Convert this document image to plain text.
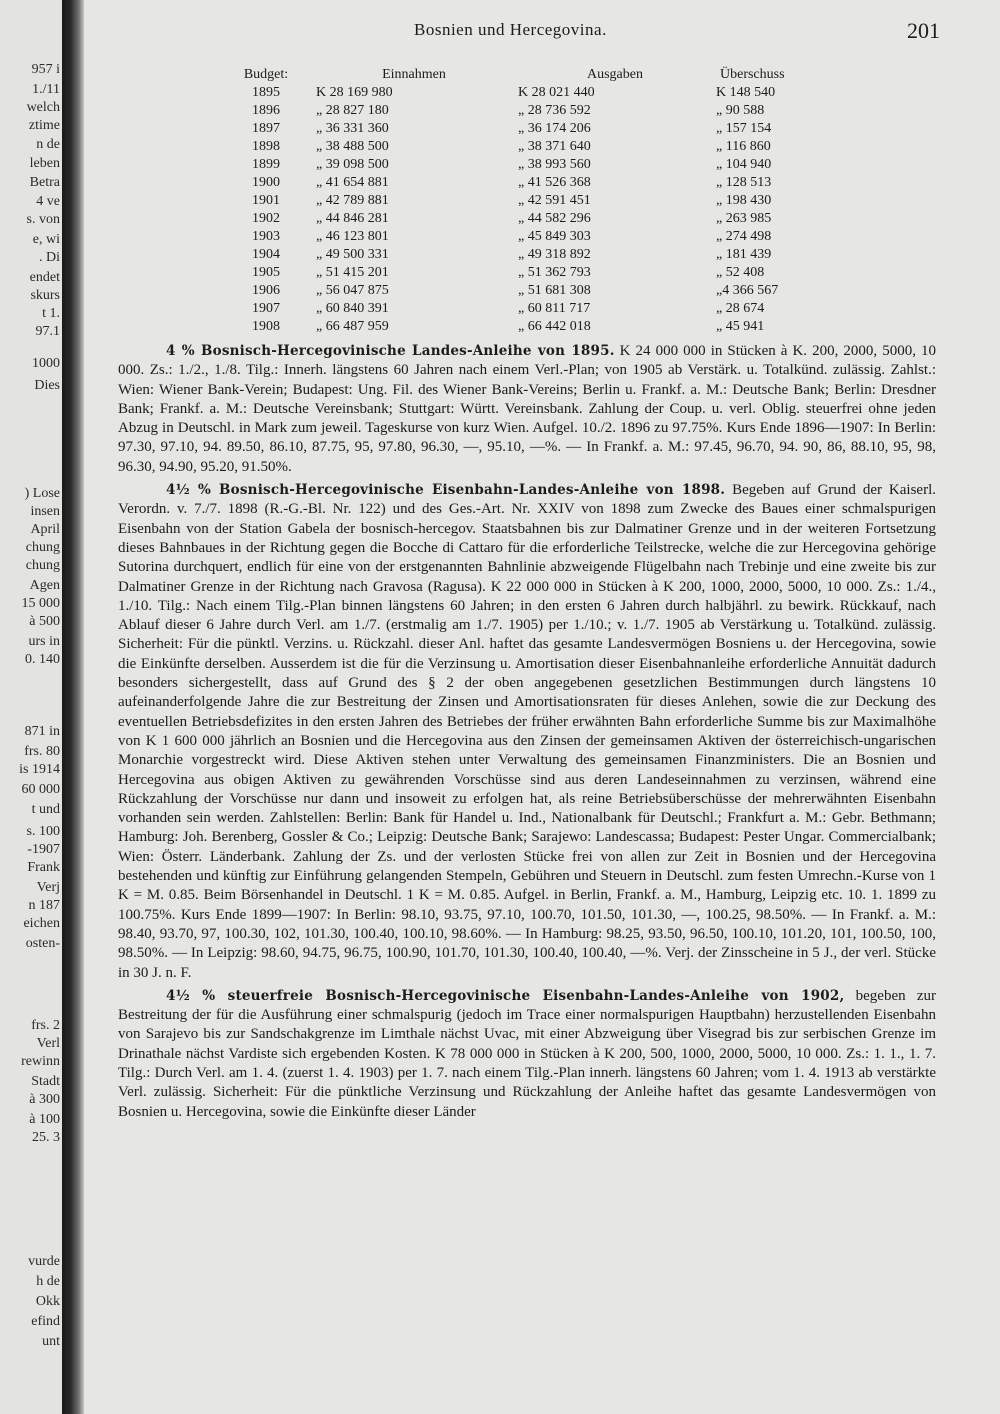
957 i
1./11
welch
ztime
n de
leben
Betra
4 ve
s. von
e, wi
. Di
endet
skurs
t 1.
97.1
1000
Dies
) Lose
insen
April
chung
chung
Agen
15 000
à 500
urs in
0. 140
871 in
frs. 80
is 1914
60 000
t und
s. 100
-1907
Frank
Verj
n 187
eichen
osten-
frs. 2
Verl
rewinn
Stadt
à 300
à 100
25. 3
vurde
h de
Okk
efind
unt
Bosnien und Hercegovina.	201
Budget:	Einnahmen	Ausgaben	Überschuss
1895	K 28 169 980	K 28 021 440	K 148 540
1896	„ 28 827 180	„ 28 736 592	„ 90 588
1897	„ 36 331 360	„ 36 174 206	„ 157 154
1898	„ 38 488 500	„ 38 371 640	„ 116 860
1899	„ 39 098 500	„ 38 993 560	„ 104 940
1900	„ 41 654 881	„ 41 526 368	„ 128 513
1901	„ 42 789 881	„ 42 591 451	„ 198 430
1902	„ 44 846 281	„ 44 582 296	„ 263 985
1903	„ 46 123 801	„ 45 849 303	„ 274 498
1904	„ 49 500 331	„ 49 318 892	„ 181 439
1905	„ 51 415 201	„ 51 362 793	„ 52 408
1906	„ 56 047 875	„ 51 681 308	„4 366 567
1907	„ 60 840 391	„ 60 811 717	„ 28 674
1908	„ 66 487 959	„ 66 442 018	„ 45 941

4 % Bosnisch-Hercegovinische Landes-Anleihe von 1895. K 24 000 000 in Stücken à K. 200, 2000, 5000, 10 000. Zs.: 1./2., 1./8. Tilg.: Innerh. längstens 60 Jahren nach einem Verl.-Plan; von 1905 ab Verstärk. u. Totalkünd. zulässig. Zahlst.: Wien: Wiener Bank-Verein; Budapest: Ung. Fil. des Wiener Bank-Vereins; Berlin u. Frankf. a. M.: Deutsche Bank; Berlin: Dresdner Bank; Frankf. a. M.: Deutsche Vereinsbank; Stuttgart: Württ. Vereinsbank. Zahlung der Coup. u. verl. Oblig. steuerfrei ohne jeden Abzug in Deutschl. in Mark zum jeweil. Tageskurse von kurz Wien. Aufgel. 10./2. 1896 zu 97.75%. Kurs Ende 1896—1907: In Berlin: 97.30, 97.10, 94. 89.50, 86.10, 87.75, 95, 97.80, 96.30, —, 95.10, —%. — In Frankf. a. M.: 97.45, 96.70, 94. 90, 86, 88.10, 95, 98, 96.30, 94.90, 95.20, 91.50%.

4½ % Bosnisch-Hercegovinische Eisenbahn-Landes-Anleihe von 1898. Begeben auf Grund der Kaiserl. Verordn. v. 7./7. 1898 (R.-G.-Bl. Nr. 122) und des Ges.-Art. Nr. XXIV von 1898 zum Zwecke des Baues einer schmalspurigen Eisenbahn von der Station Gabela der bosnisch-hercegov. Staatsbahnen bis zur Dalmatiner Grenze und in der weiteren Fortsetzung dieses Bahnbaues in der Richtung gegen die Bocche di Cattaro für die erforderliche Teilstrecke, welche die zur Hercegovina gehörige Sutorina durchquert, endlich für eine von der erstgenannten Bahnlinie abzweigende Flügelbahn nach Trebinje und eine zweite bis zur Dalmatiner Grenze in der Richtung nach Gravosa (Ragusa). K 22 000 000 in Stücken à K 200, 1000, 2000, 5000, 10 000. Zs.: 1./4., 1./10. Tilg.: Nach einem Tilg.-Plan binnen längstens 60 Jahren; in den ersten 6 Jahren durch halbjährl. zu bewirk. Rückkauf, nach Ablauf dieser 6 Jahre durch Verl. am 1./7. (erstmalig am 1./7. 1905) per 1./10.; v. 1./7. 1905 ab Verstärkung u. Totalkünd. zulässig. Sicherheit: Für die pünktl. Verzins. u. Rückzahl. dieser Anl. haftet das gesamte Landesvermögen Bosniens u. der Hercegovina, sowie die Einkünfte derselben. Ausserdem ist die für die Verzinsung u. Amortisation dieser Eisenbahnanleihe erforderliche Annuität dadurch besonders sichergestellt, dass auf Grund des § 2 der oben angegebenen gesetzlichen Bestimmungen durch längstens 10 aufeinanderfolgende Jahre die zur Bestreitung der Zinsen und Amortisationsraten für dieses Anlehen, sowie die zur Deckung des eventuellen Betriebsdefizites in den ersten Jahren des Betriebes der früher erwähnten Bahn erforderliche Summe bis zur Maximalhöhe von K 1 600 000 jährlich an Bosnien und die Hercegovina aus den Zinsen der gemeinsamen Aktiven der österreichisch-ungarischen Monarchie vorgestreckt wird. Diese Aktiven stehen unter Verwaltung des gemeinsamen Finanzministers. Die an Bosnien und Hercegovina aus obigen Aktiven zu gewährenden Vorschüsse sind aus deren Landeseinnahmen zu verzinsen, während eine Rückzahlung der Vorschüsse nur dann und insoweit zu erfolgen hat, als reine Betriebsüberschüsse der mehrerwähnten Eisenbahn vorhanden sein werden. Zahlstellen: Berlin: Bank für Handel u. Ind., Nationalbank für Deutschl.; Frankfurt a. M.: Gebr. Bethmann; Hamburg: Joh. Berenberg, Gossler & Co.; Leipzig: Deutsche Bank; Sarajewo: Landescassa; Budapest: Pester Ungar. Commercialbank; Wien: Österr. Länderbank. Zahlung der Zs. und der verlosten Stücke frei von allen zur Zeit in Bosnien und der Hercegovina bestehenden und künftig zur Einführung gelangenden Stempeln, Gebühren und Steuern in Deutschl. zum festen Umrechn.-Kurse von 1 K = M. 0.85. Beim Börsenhandel in Deutschl. 1 K = M. 0.85. Aufgel. in Berlin, Frankf. a. M., Hamburg, Leipzig etc. 10. 1. 1899 zu 100.75%. Kurs Ende 1899—1907: In Berlin: 98.10, 93.75, 97.10, 100.70, 101.50, 101.30, —, 100.25, 98.50%. — In Frankf. a. M.: 98.40, 93.70, 97, 100.30, 102, 101.30, 100.40, 100.10, 98.60%. — In Hamburg: 98.25, 93.50, 96.50, 100.10, 101.20, 101, 100.50, 100, 98.50%. — In Leipzig: 98.60, 94.75, 96.75, 100.90, 101.70, 101.30, 100.40, 100.40, —%. Verj. der Zinsscheine in 5 J., der verl. Stücke in 30 J. n. F.

4½ % steuerfreie Bosnisch-Hercegovinische Eisenbahn-Landes-Anleihe von 1902, begeben zur Bestreitung der für die Ausführung einer schmalspurig (jedoch im Trace einer normalspurigen Hauptbahn) herzustellenden Eisenbahn von Sarajevo bis zur Sandschakgrenze im Limthale nächst Uvac, mit einer Abzweigung über Visegrad bis zur serbischen Grenze im Drinathale nächst Vardiste sich ergebenden Kosten. K 78 000 000 in Stücken à K 200, 500, 1000, 2000, 5000, 10 000. Zs.: 1. 1., 1. 7. Tilg.: Durch Verl. am 1. 4. (zuerst 1. 4. 1903) per 1. 7. nach einem Tilg.-Plan innerh. längstens 60 Jahren; vom 1. 4. 1913 ab verstärkte Verl. zulässig. Sicherheit: Für die pünktliche Verzinsung und Rückzahlung der Anleihe haftet das gesamte Landesvermögen von Bosnien u. Hercegovina, sowie die Einkünfte dieser Länder
